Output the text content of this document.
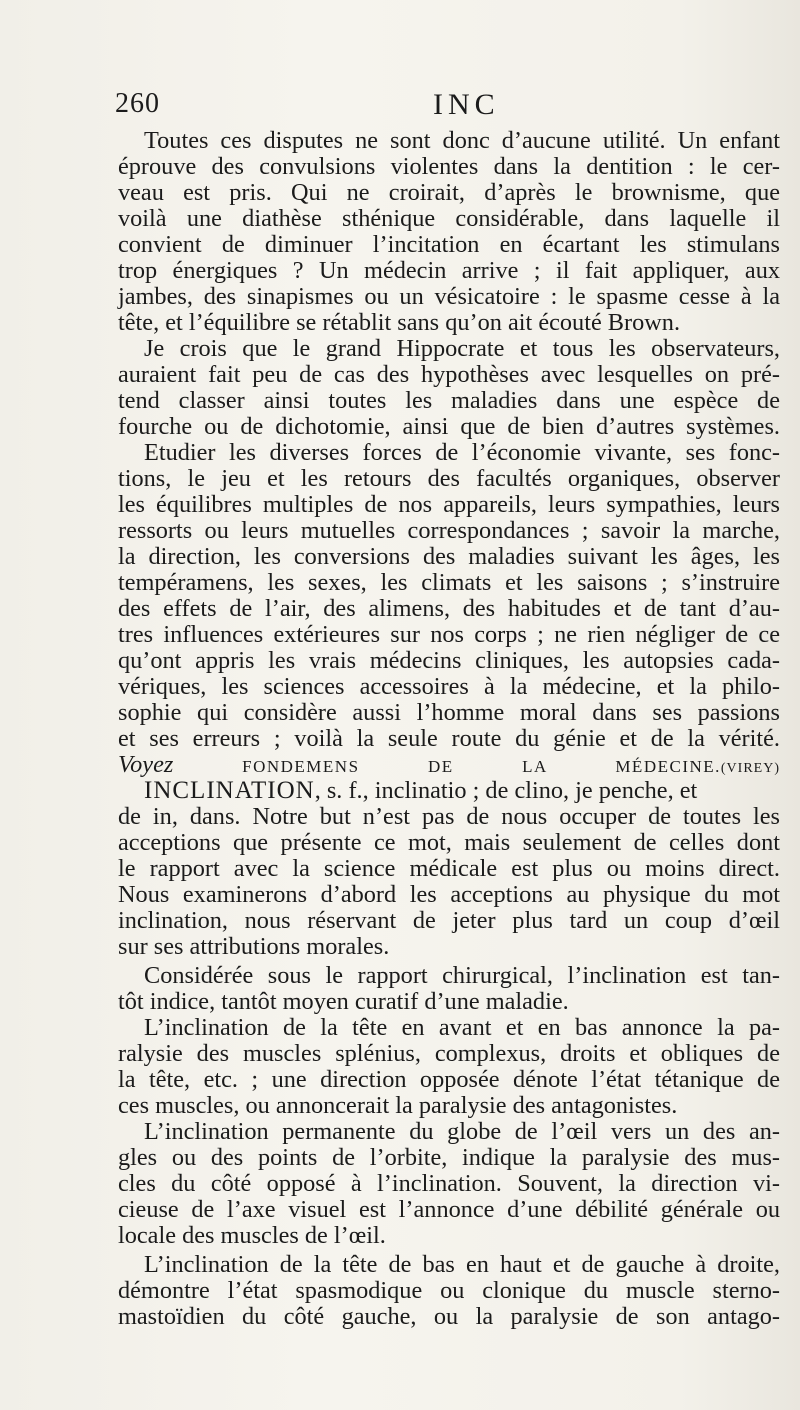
260	INC
Toutes ces disputes ne sont donc d’aucune utilité. Un enfant
éprouve des convulsions violentes dans la dentition : le cer-
veau est pris. Qui ne croirait, d’après le brownisme, que
voilà une diathèse sthénique considérable, dans laquelle il
convient de diminuer l’incitation en écartant les stimulans
trop énergiques ? Un médecin arrive ; il fait appliquer, aux
jambes, des sinapismes ou un vésicatoire : le spasme cesse à la
tête, et l’équilibre se rétablit sans qu’on ait écouté Brown.
Je crois que le grand Hippocrate et tous les observateurs,
auraient fait peu de cas des hypothèses avec lesquelles on pré-
tend classer ainsi toutes les maladies dans une espèce de
fourche ou de dichotomie, ainsi que de bien d’autres systèmes.
Etudier les diverses forces de l’économie vivante, ses fonc-
tions, le jeu et les retours des facultés organiques, observer
les équilibres multiples de nos appareils, leurs sympathies, leurs
ressorts ou leurs mutuelles correspondances ; savoir la marche,
la direction, les conversions des maladies suivant les âges, les
tempéramens, les sexes, les climats et les saisons ; s’instruire
des effets de l’air, des alimens, des habitudes et de tant d’au-
tres influences extérieures sur nos corps ; ne rien négliger de ce
qu’ont appris les vrais médecins cliniques, les autopsies cada-
vériques, les sciences accessoires à la médecine, et la philo-
sophie qui considère aussi l’homme moral dans ses passions
et ses erreurs ; voilà la seule route du génie et de la vérité.
Voyez	FONDEMENS DE LA MÉDECINE. (VIREY)
INCLINATION, s. f., inclinatio ; de clino, je penche, et
de in, dans. Notre but n’est pas de nous occuper de toutes les
acceptions que présente ce mot, mais seulement de celles dont
le rapport avec la science médicale est plus ou moins direct.
Nous examinerons d’abord les acceptions au physique du mot
inclination, nous réservant de jeter plus tard un coup d’œil
sur ses attributions morales.
Considérée sous le rapport chirurgical, l’inclination est tan-
tôt indice, tantôt moyen curatif d’une maladie.
L’inclination de la tête en avant et en bas annonce la pa-
ralysie des muscles splénius, complexus, droits et obliques de
la tête, etc. ; une direction opposée dénote l’état tétanique de
ces muscles, ou annoncerait la paralysie des antagonistes.
L’inclination permanente du globe de l’œil vers un des an-
gles ou des points de l’orbite, indique la paralysie des mus-
cles du côté opposé à l’inclination. Souvent, la direction vi-
cieuse de l’axe visuel est l’annonce d’une débilité générale ou
locale des muscles de l’œil.
L’inclination de la tête de bas en haut et de gauche à droite,
démontre l’état spasmodique ou clonique du muscle sterno-
mastoïdien du côté gauche, ou la paralysie de son antago-
